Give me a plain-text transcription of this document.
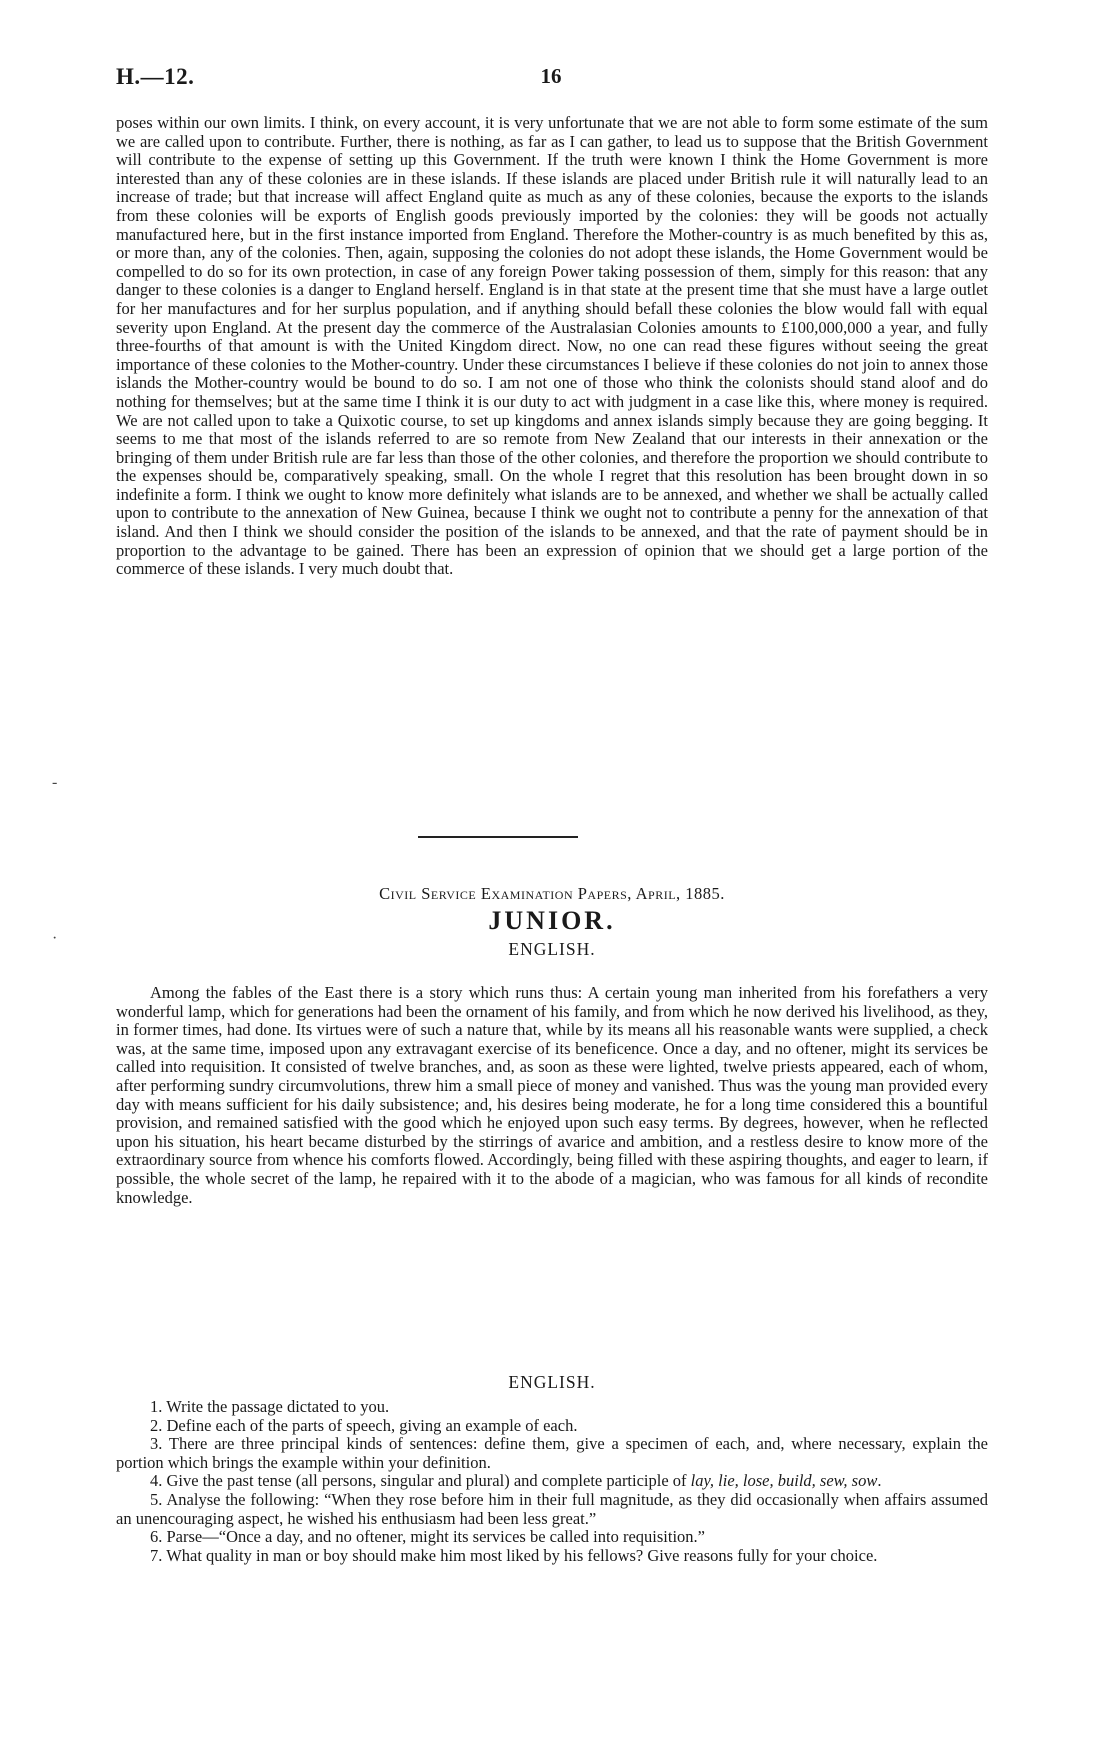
H.—12.	16

poses within our own limits. I think, on every account, it is very unfortunate that we are not able to form some estimate of the sum we are called upon to contribute. Further, there is nothing, as far as I can gather, to lead us to suppose that the British Government will contribute to the expense of setting up this Government. If the truth were known I think the Home Government is more interested than any of these colonies are in these islands. If these islands are placed under British rule it will naturally lead to an increase of trade; but that increase will affect England quite as much as any of these colonies, because the exports to the islands from these colonies will be exports of English goods previously imported by the colonies: they will be goods not actually manufactured here, but in the first instance imported from England. Therefore the Mother-country is as much benefited by this as, or more than, any of the colonies. Then, again, supposing the colonies do not adopt these islands, the Home Government would be compelled to do so for its own protection, in case of any foreign Power taking possession of them, simply for this reason: that any danger to these colonies is a danger to England herself. England is in that state at the present time that she must have a large outlet for her manufactures and for her surplus population, and if anything should befall these colonies the blow would fall with equal severity upon England. At the present day the commerce of the Australasian Colonies amounts to £100,000,000 a year, and fully three-fourths of that amount is with the United Kingdom direct. Now, no one can read these figures without seeing the great importance of these colonies to the Mother-country. Under these circumstances I believe if these colonies do not join to annex those islands the Mother-country would be bound to do so. I am not one of those who think the colonists should stand aloof and do nothing for themselves; but at the same time I think it is our duty to act with judgment in a case like this, where money is required. We are not called upon to take a Quixotic course, to set up kingdoms and annex islands simply because they are going begging. It seems to me that most of the islands referred to are so remote from New Zealand that our interests in their annexation or the bringing of them under British rule are far less than those of the other colonies, and therefore the proportion we should contribute to the expenses should be, comparatively speaking, small. On the whole I regret that this resolution has been brought down in so indefinite a form. I think we ought to know more definitely what islands are to be annexed, and whether we shall be actually called upon to contribute to the annexation of New Guinea, because I think we ought not to contribute a penny for the annexation of that island. And then I think we should consider the position of the islands to be annexed, and that the rate of payment should be in proportion to the advantage to be gained. There has been an expression of opinion that we should get a large portion of the commerce of these islands. I very much doubt that.

-
Civil Service Examination Papers, April, 1885.
·
JUNIOR.
ENGLISH.

Among the fables of the East there is a story which runs thus: A certain young man inherited from his forefathers a very wonderful lamp, which for generations had been the ornament of his family, and from which he now derived his livelihood, as they, in former times, had done. Its virtues were of such a nature that, while by its means all his reasonable wants were supplied, a check was, at the same time, imposed upon any extravagant exercise of its beneficence. Once a day, and no oftener, might its services be called into requisition. It consisted of twelve branches, and, as soon as these were lighted, twelve priests appeared, each of whom, after performing sundry circumvolutions, threw him a small piece of money and vanished. Thus was the young man provided every day with means sufficient for his daily subsistence; and, his desires being moderate, he for a long time considered this a bountiful provision, and remained satisfied with the good which he enjoyed upon such easy terms. By degrees, however, when he reflected upon his situation, his heart became disturbed by the stirrings of avarice and ambition, and a restless desire to know more of the extraordinary source from whence his comforts flowed. Accordingly, being filled with these aspiring thoughts, and eager to learn, if possible, the whole secret of the lamp, he repaired with it to the abode of a magician, who was famous for all kinds of recondite knowledge.

ENGLISH.
1. Write the passage dictated to you.
2. Define each of the parts of speech, giving an example of each.
3. There are three principal kinds of sentences: define them, give a specimen of each, and, where necessary, explain the portion which brings the example within your definition.
4. Give the past tense (all persons, singular and plural) and complete participle of lay, lie, lose, build, sew, sow.
5. Analyse the following: “When they rose before him in their full magnitude, as they did occasionally when affairs assumed an unencouraging aspect, he wished his enthusiasm had been less great.”
6. Parse—“Once a day, and no oftener, might its services be called into requisition.”
7. What quality in man or boy should make him most liked by his fellows? Give reasons fully for your choice.
